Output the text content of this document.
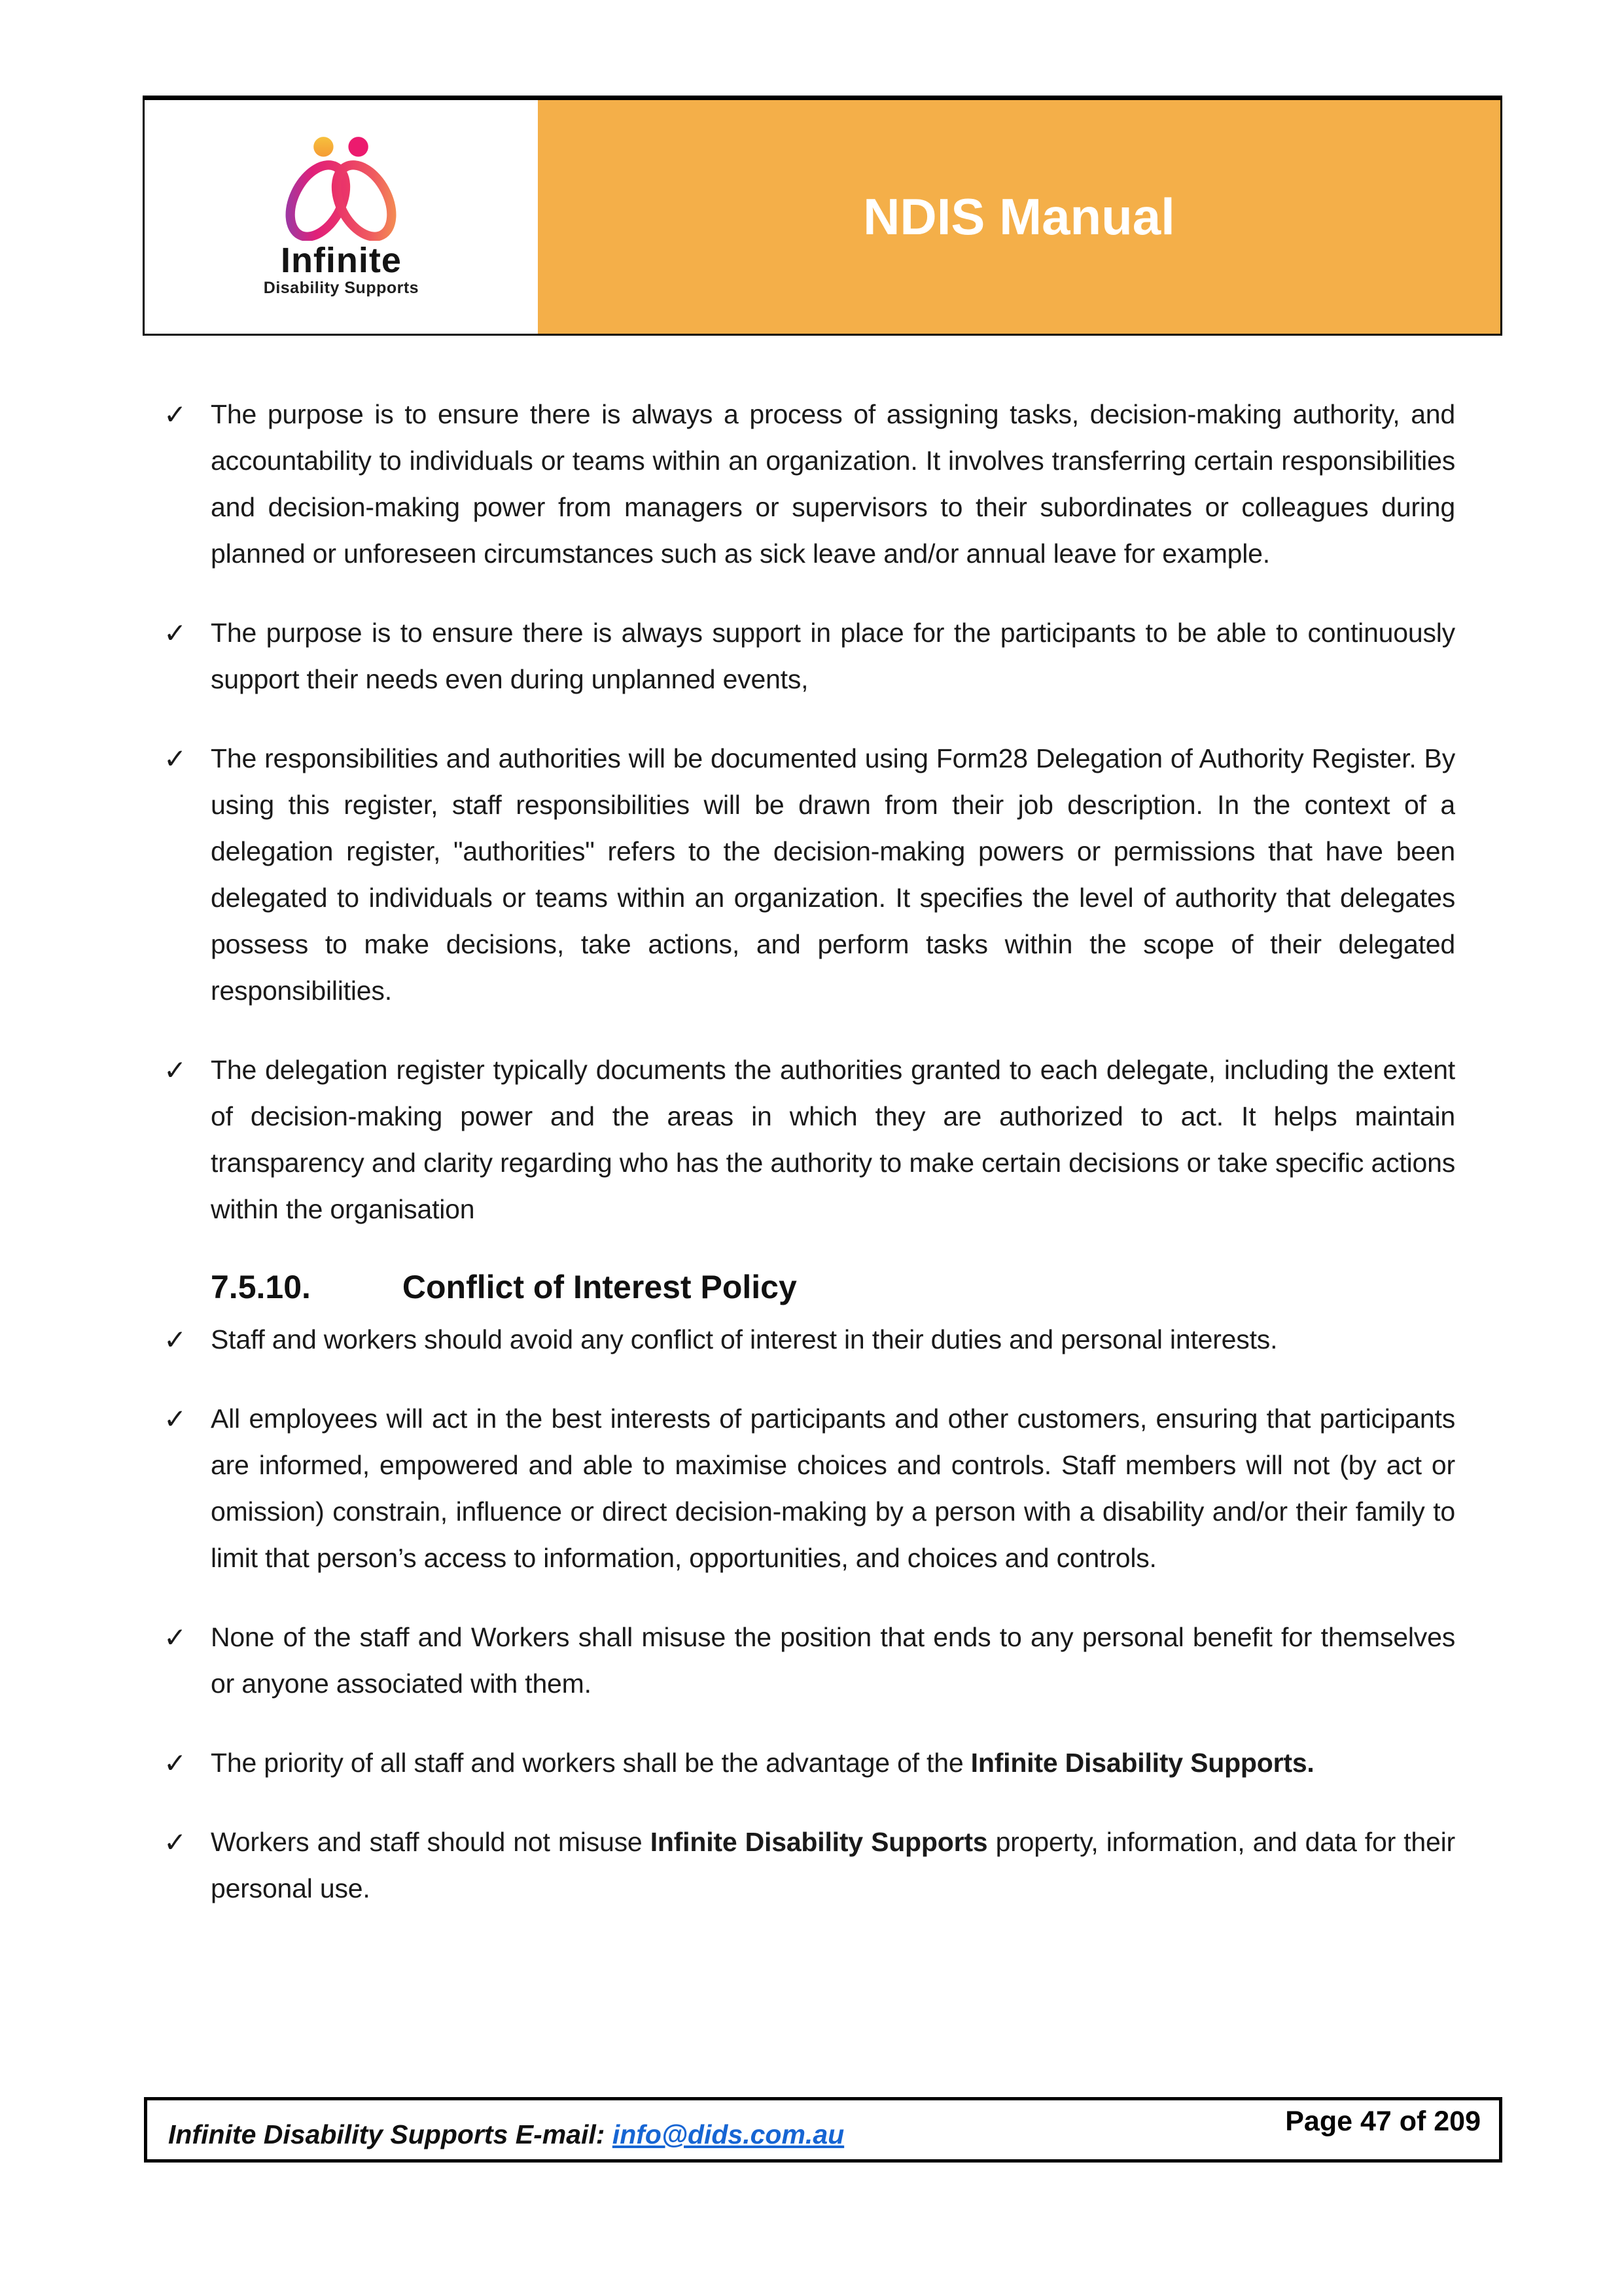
Infinite
Disability Supports
NDIS Manual
✓ The purpose is to ensure there is always a process of assigning tasks, decision-making authority, and accountability to individuals or teams within an organization. It involves transferring certain responsibilities and decision-making power from managers or supervisors to their subordinates or colleagues during planned or unforeseen circumstances such as sick leave and/or annual leave for example.
✓ The purpose is to ensure there is always support in place for the participants to be able to continuously support their needs even during unplanned events,
✓ The responsibilities and authorities will be documented using Form28 Delegation of Authority Register. By using this register, staff responsibilities will be drawn from their job description. In the context of a delegation register, "authorities" refers to the decision-making powers or permissions that have been delegated to individuals or teams within an organization. It specifies the level of authority that delegates possess to make decisions, take actions, and perform tasks within the scope of their delegated responsibilities.
✓ The delegation register typically documents the authorities granted to each delegate, including the extent of decision-making power and the areas in which they are authorized to act. It helps maintain transparency and clarity regarding who has the authority to make certain decisions or take specific actions within the organisation
7.5.10.	Conflict of Interest Policy
✓ Staff and workers should avoid any conflict of interest in their duties and personal interests.
✓ All employees will act in the best interests of participants and other customers, ensuring that participants are informed, empowered and able to maximise choices and controls. Staff members will not (by act or omission) constrain, influence or direct decision-making by a person with a disability and/or their family to limit that person’s access to information, opportunities, and choices and controls.
✓ None of the staff and Workers shall misuse the position that ends to any personal benefit for themselves or anyone associated with them.
✓ The priority of all staff and workers shall be the advantage of the Infinite Disability Supports.
✓ Workers and staff should not misuse Infinite Disability Supports property, information, and data for their personal use.
Infinite Disability Supports E-mail: info@dids.com.au	Page 47 of 209
